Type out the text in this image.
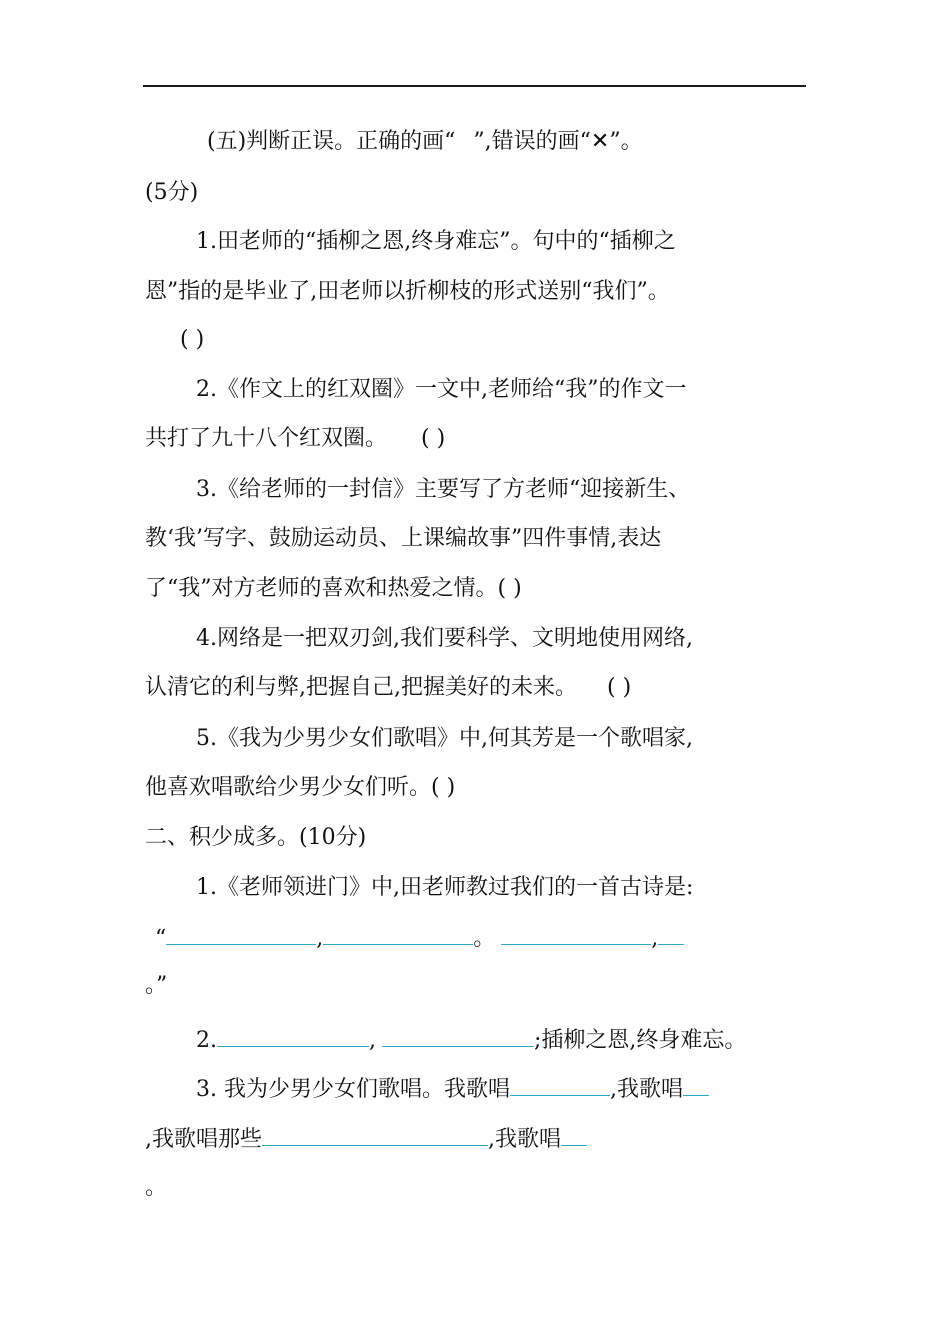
(五)判断正误。正确的画“ ”,错误的画“✕”。
(5分)
1.田老师的“插柳之恩,终身难忘”。句中的“插柳之
恩”指的是毕业了,田老师以折柳枝的形式送别“我们”。
( )
2.《作文上的红双圈》一文中,老师给“我”的作文一
共打了九十八个红双圈。 ( )
3.《给老师的一封信》主要写了方老师“迎接新生、
教‘我’写字、鼓励运动员、上课编故事”四件事情,表达
了“我”对方老师的喜欢和热爱之情。( )
4.网络是一把双刃剑,我们要科学、文明地使用网络,
认清它的利与弊,把握自己,把握美好的未来。 ( )
5.《我为少男少女们歌唱》中,何其芳是一个歌唱家,
他喜欢唱歌给少男少女们听。( )
二、积少成多。(10分)
1.《老师领进门》中,田老师教过我们的一首古诗是:
“	,	。	,
。”
2.	,	;插柳之恩,终身难忘。
3. 我为少男少女们歌唱。我歌唱	,我歌唱
,我歌唱那些	,我歌唱
。
